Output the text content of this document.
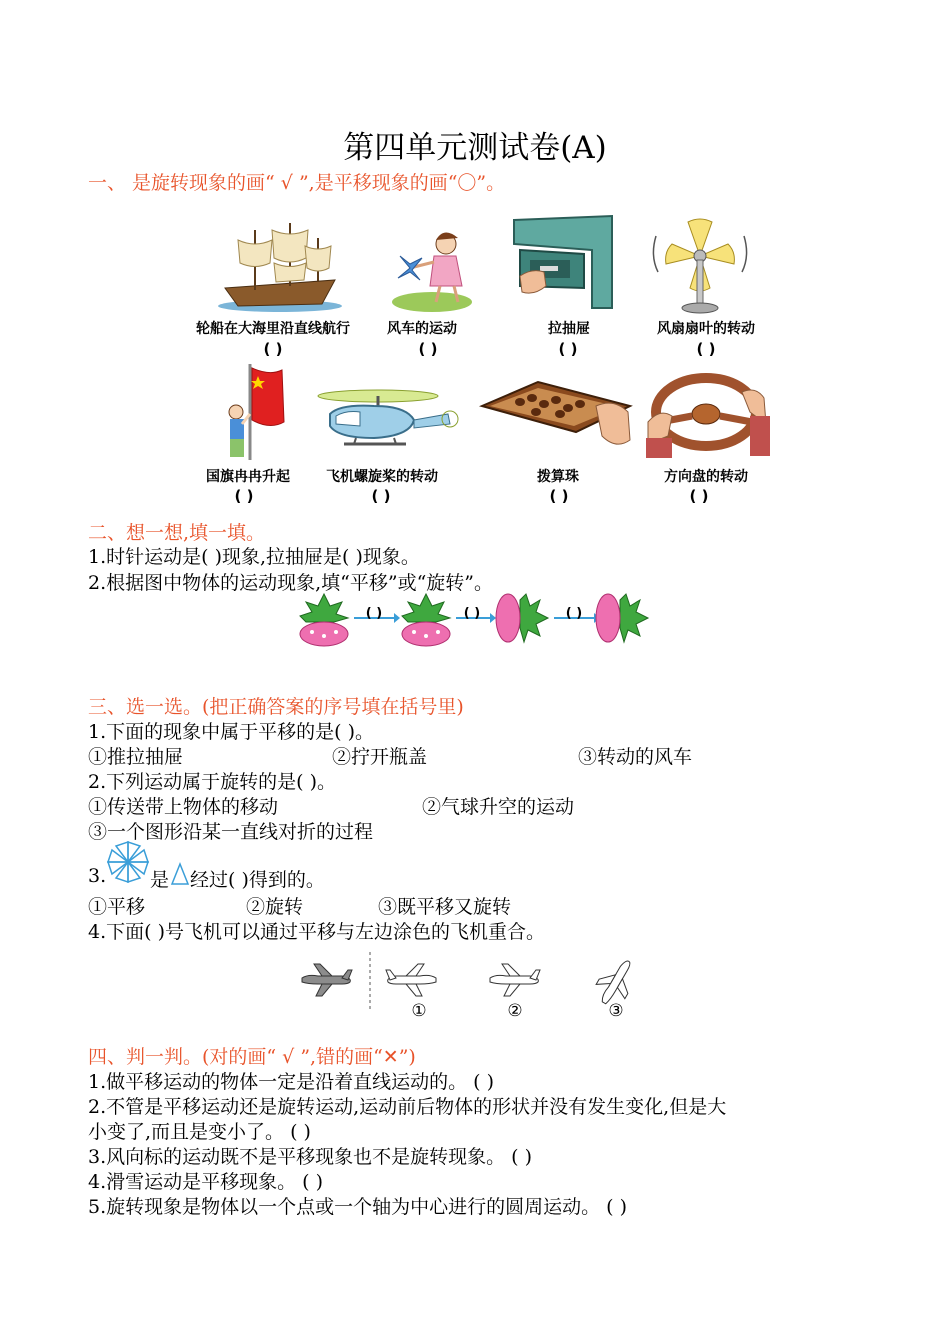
第四单元测试卷(A)
一、 是旋转现象的画“ √ ”,是平移现象的画“〇”。
轮船在大海里沿直线航行
( )
风车的运动
( )
拉抽屉
( )
风扇扇叶的转动
( )
国旗冉冉升起
( )
飞机螺旋桨的转动
( )
拨算珠
( )
方向盘的转动
( )
二、想一想,填一填。
1.时针运动是( )现象,拉抽屉是( )现象。
2.根据图中物体的运动现象,填“平移”或“旋转”。
( )	( )	( )
三、选一选。(把正确答案的序号填在括号里)
1.下面的现象中属于平移的是( )。
①推拉抽屉	②拧开瓶盖	③转动的风车
2.下列运动属于旋转的是( )。
①传送带上物体的移动	②气球升空的运动
③一个图形沿某一直线对折的过程
3. 是 经过( )得到的。
①平移	②旋转	③既平移又旋转
4.下面( )号飞机可以通过平移与左边涂色的飞机重合。
①	②	③
四、判一判。(对的画“ √ ”,错的画“✕”)
1.做平移运动的物体一定是沿着直线运动的。 ( )
2.不管是平移运动还是旋转运动,运动前后物体的形状并没有发生变化,但是大
小变了,而且是变小了。 ( )
3.风向标的运动既不是平移现象也不是旋转现象。 ( )
4.滑雪运动是平移现象。 ( )
5.旋转现象是物体以一个点或一个轴为中心进行的圆周运动。 ( )
